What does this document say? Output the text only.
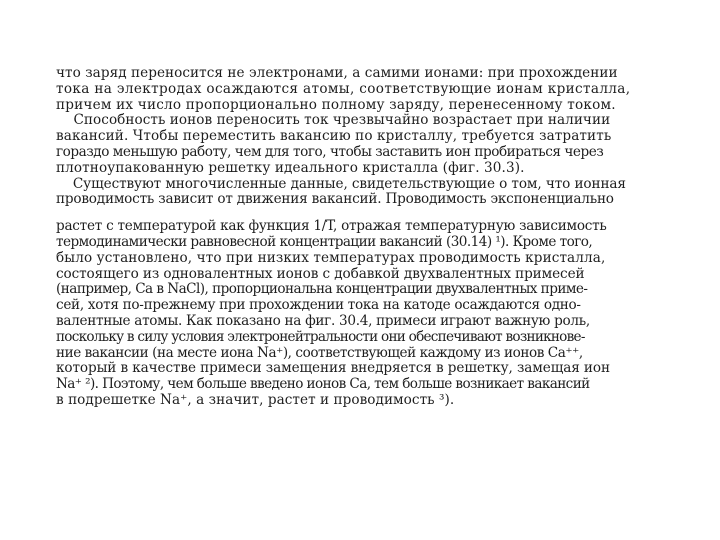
что заряд переносится не электронами, а самими ионами: при прохождении
тока на электродах осаждаются атомы, соответствующие ионам кристалла,
причем их число пропорционально полному заряду, перенесенному током.
Способность ионов переносить ток чрезвычайно возрастает при наличии
вакансий. Чтобы переместить вакансию по кристаллу, требуется затратить
гораздо меньшую работу, чем для того, чтобы заставить ион пробираться через
плотноупакованную решетку идеального кристалла (фиг. 30.3).
Существуют многочисленные данные, свидетельствующие о том, что ионная
проводимость зависит от движения вакансий. Проводимость экспоненциально
растет с температурой как функция 1/T, отражая температурную зависимость
термодинамически равновесной концентрации вакансий (30.14) ¹). Кроме того,
было установлено, что при низких температурах проводимость кристалла,
состоящего из одновалентных ионов с добавкой двухвалентных примесей
(например, Ca в NaCl), пропорциональна концентрации двухвалентных приме-
сей, хотя по-прежнему при прохождении тока на катоде осаждаются одно-
валентные атомы. Как показано на фиг. 30.4, примеси играют важную роль,
поскольку в силу условия электронейтральности они обеспечивают возникнове-
ние вакансии (на месте иона Na⁺), соответствующей каждому из ионов Ca⁺⁺,
который в качестве примеси замещения внедряется в решетку, замещая ион
Na⁺ ²). Поэтому, чем больше введено ионов Ca, тем больше возникает вакансий
в подрешетке Na⁺, а значит, растет и проводимость ³).
